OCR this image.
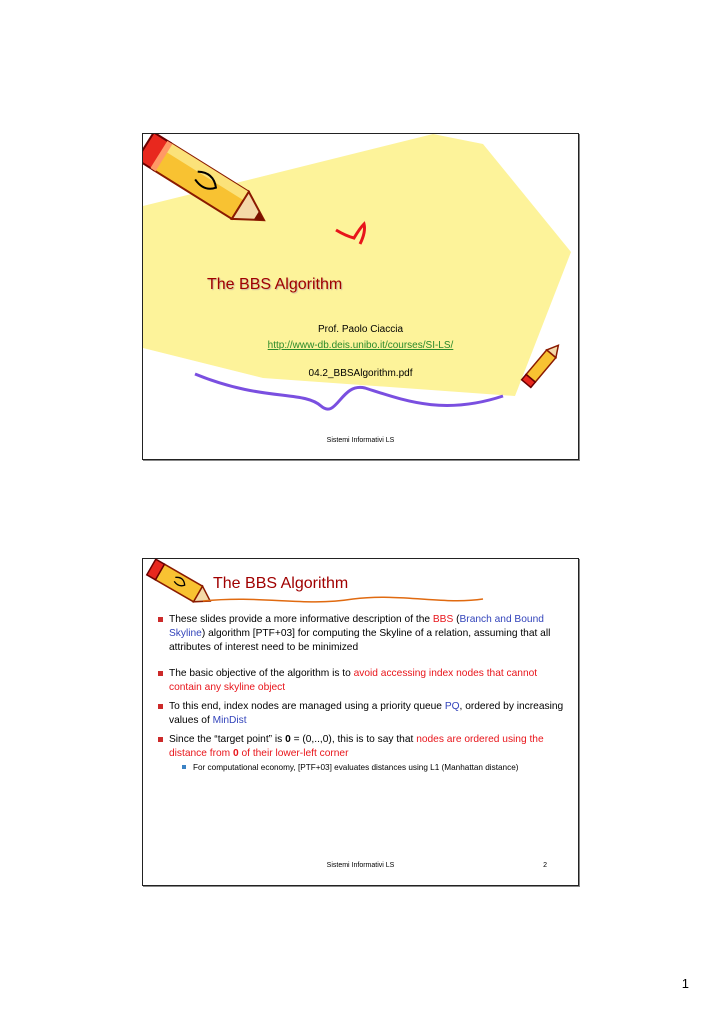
The BBS Algorithm
Prof. Paolo Ciaccia
http://www-db.deis.unibo.it/courses/SI-LS/
04.2_BBSAlgorithm.pdf
Sistemi Informativi LS
The BBS Algorithm
These slides provide a more informative description of the BBS (Branch and Bound Skyline) algorithm [PTF+03] for computing the Skyline of a relation, assuming that all attributes of interest need to be minimized
The basic objective of the algorithm is to avoid accessing index nodes that cannot contain any skyline object
To this end, index nodes are managed using a priority queue PQ, ordered by increasing values of MinDist
Since the “target point” is 0 = (0,..,0), this is to say that nodes are ordered using the distance from 0 of their lower-left corner
For computational economy, [PTF+03] evaluates distances using L1 (Manhattan distance)
Sistemi Informativi LS	2
1
